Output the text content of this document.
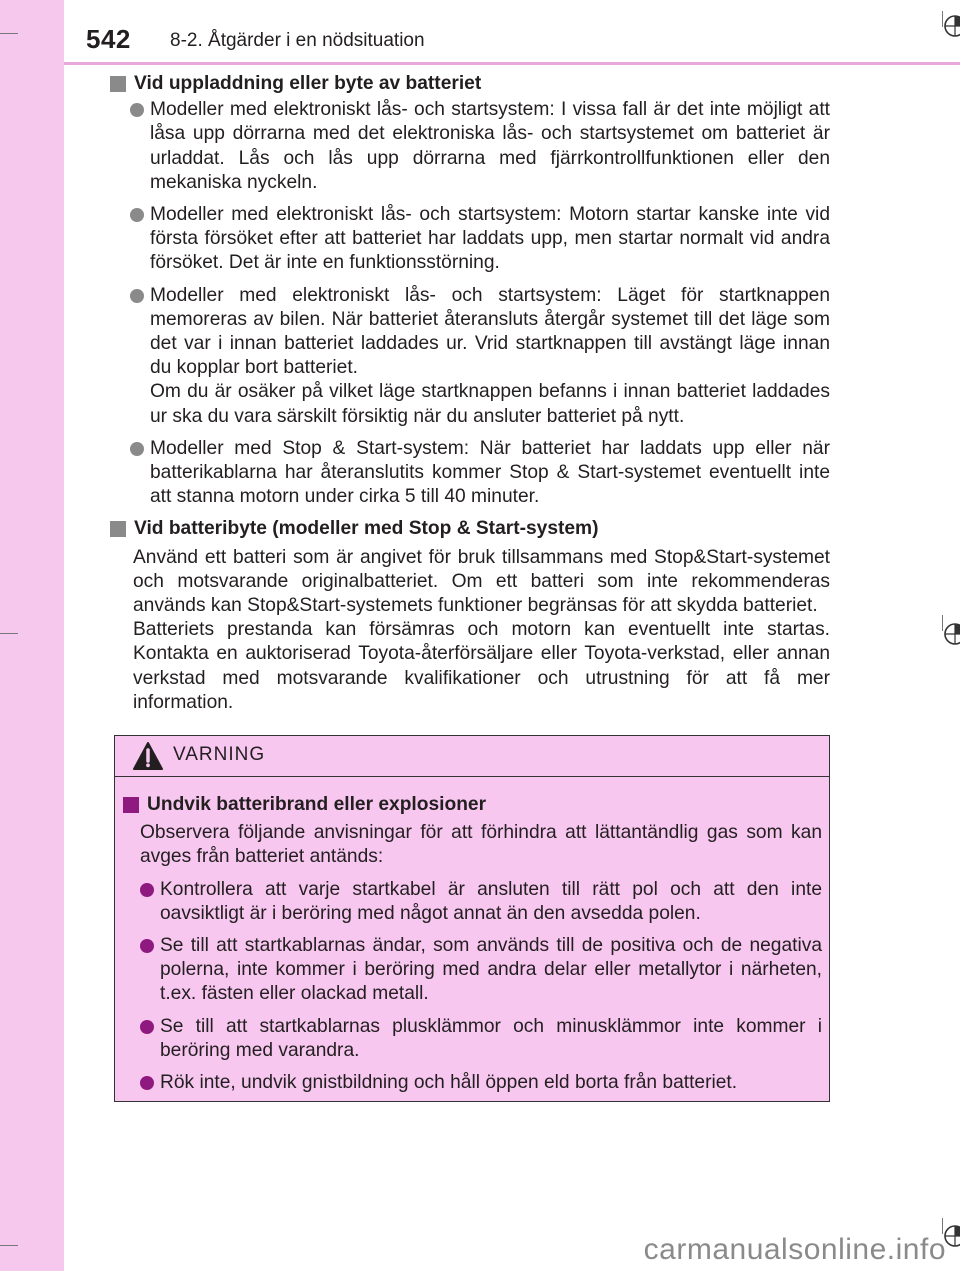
542 8-2. Åtgärder i en nödsituation
Vid uppladdning eller byte av batteriet
Modeller med elektroniskt lås- och startsystem: I vissa fall är det inte möjligt att låsa upp dörrarna med det elektroniska lås- och startsystemet om batteriet är urladdat. Lås och lås upp dörrarna med fjärrkontrollfunktionen eller den mekaniska nyckeln.
Modeller med elektroniskt lås- och startsystem: Motorn startar kanske inte vid första försöket efter att batteriet har laddats upp, men startar normalt vid andra försöket. Det är inte en funktionsstörning.
Modeller med elektroniskt lås- och startsystem: Läget för startknappen memoreras av bilen. När batteriet återansluts återgår systemet till det läge som det var i innan batteriet laddades ur. Vrid startknappen till avstängt läge innan du kopplar bort batteriet.
Om du är osäker på vilket läge startknappen befanns i innan batteriet laddades ur ska du vara särskilt försiktig när du ansluter batteriet på nytt.
Modeller med Stop & Start-system: När batteriet har laddats upp eller när batterikablarna har återanslutits kommer Stop & Start-systemet eventuellt inte att stanna motorn under cirka 5 till 40 minuter.
Vid batteribyte (modeller med Stop & Start-system)
Använd ett batteri som är angivet för bruk tillsammans med Stop&Start-systemet och motsvarande originalbatteriet. Om ett batteri som inte rekommenderas används kan Stop&Start-systemets funktioner begränsas för att skydda batteriet.
Batteriets prestanda kan försämras och motorn kan eventuellt inte startas. Kontakta en auktoriserad Toyota-återförsäljare eller Toyota-verkstad, eller annan verkstad med motsvarande kvalifikationer och utrustning för att få mer information.
VARNING
Undvik batteribrand eller explosioner
Observera följande anvisningar för att förhindra att lättantändlig gas som kan avges från batteriet antänds:
Kontrollera att varje startkabel är ansluten till rätt pol och att den inte oavsiktligt är i beröring med något annat än den avsedda polen.
Se till att startkablarnas ändar, som används till de positiva och de negativa polerna, inte kommer i beröring med andra delar eller metallytor i närheten, t.ex. fästen eller olackad metall.
Se till att startkablarnas plusklämmor och minusklämmor inte kommer i beröring med varandra.
Rök inte, undvik gnistbildning och håll öppen eld borta från batteriet.
carmanualsonline.info
